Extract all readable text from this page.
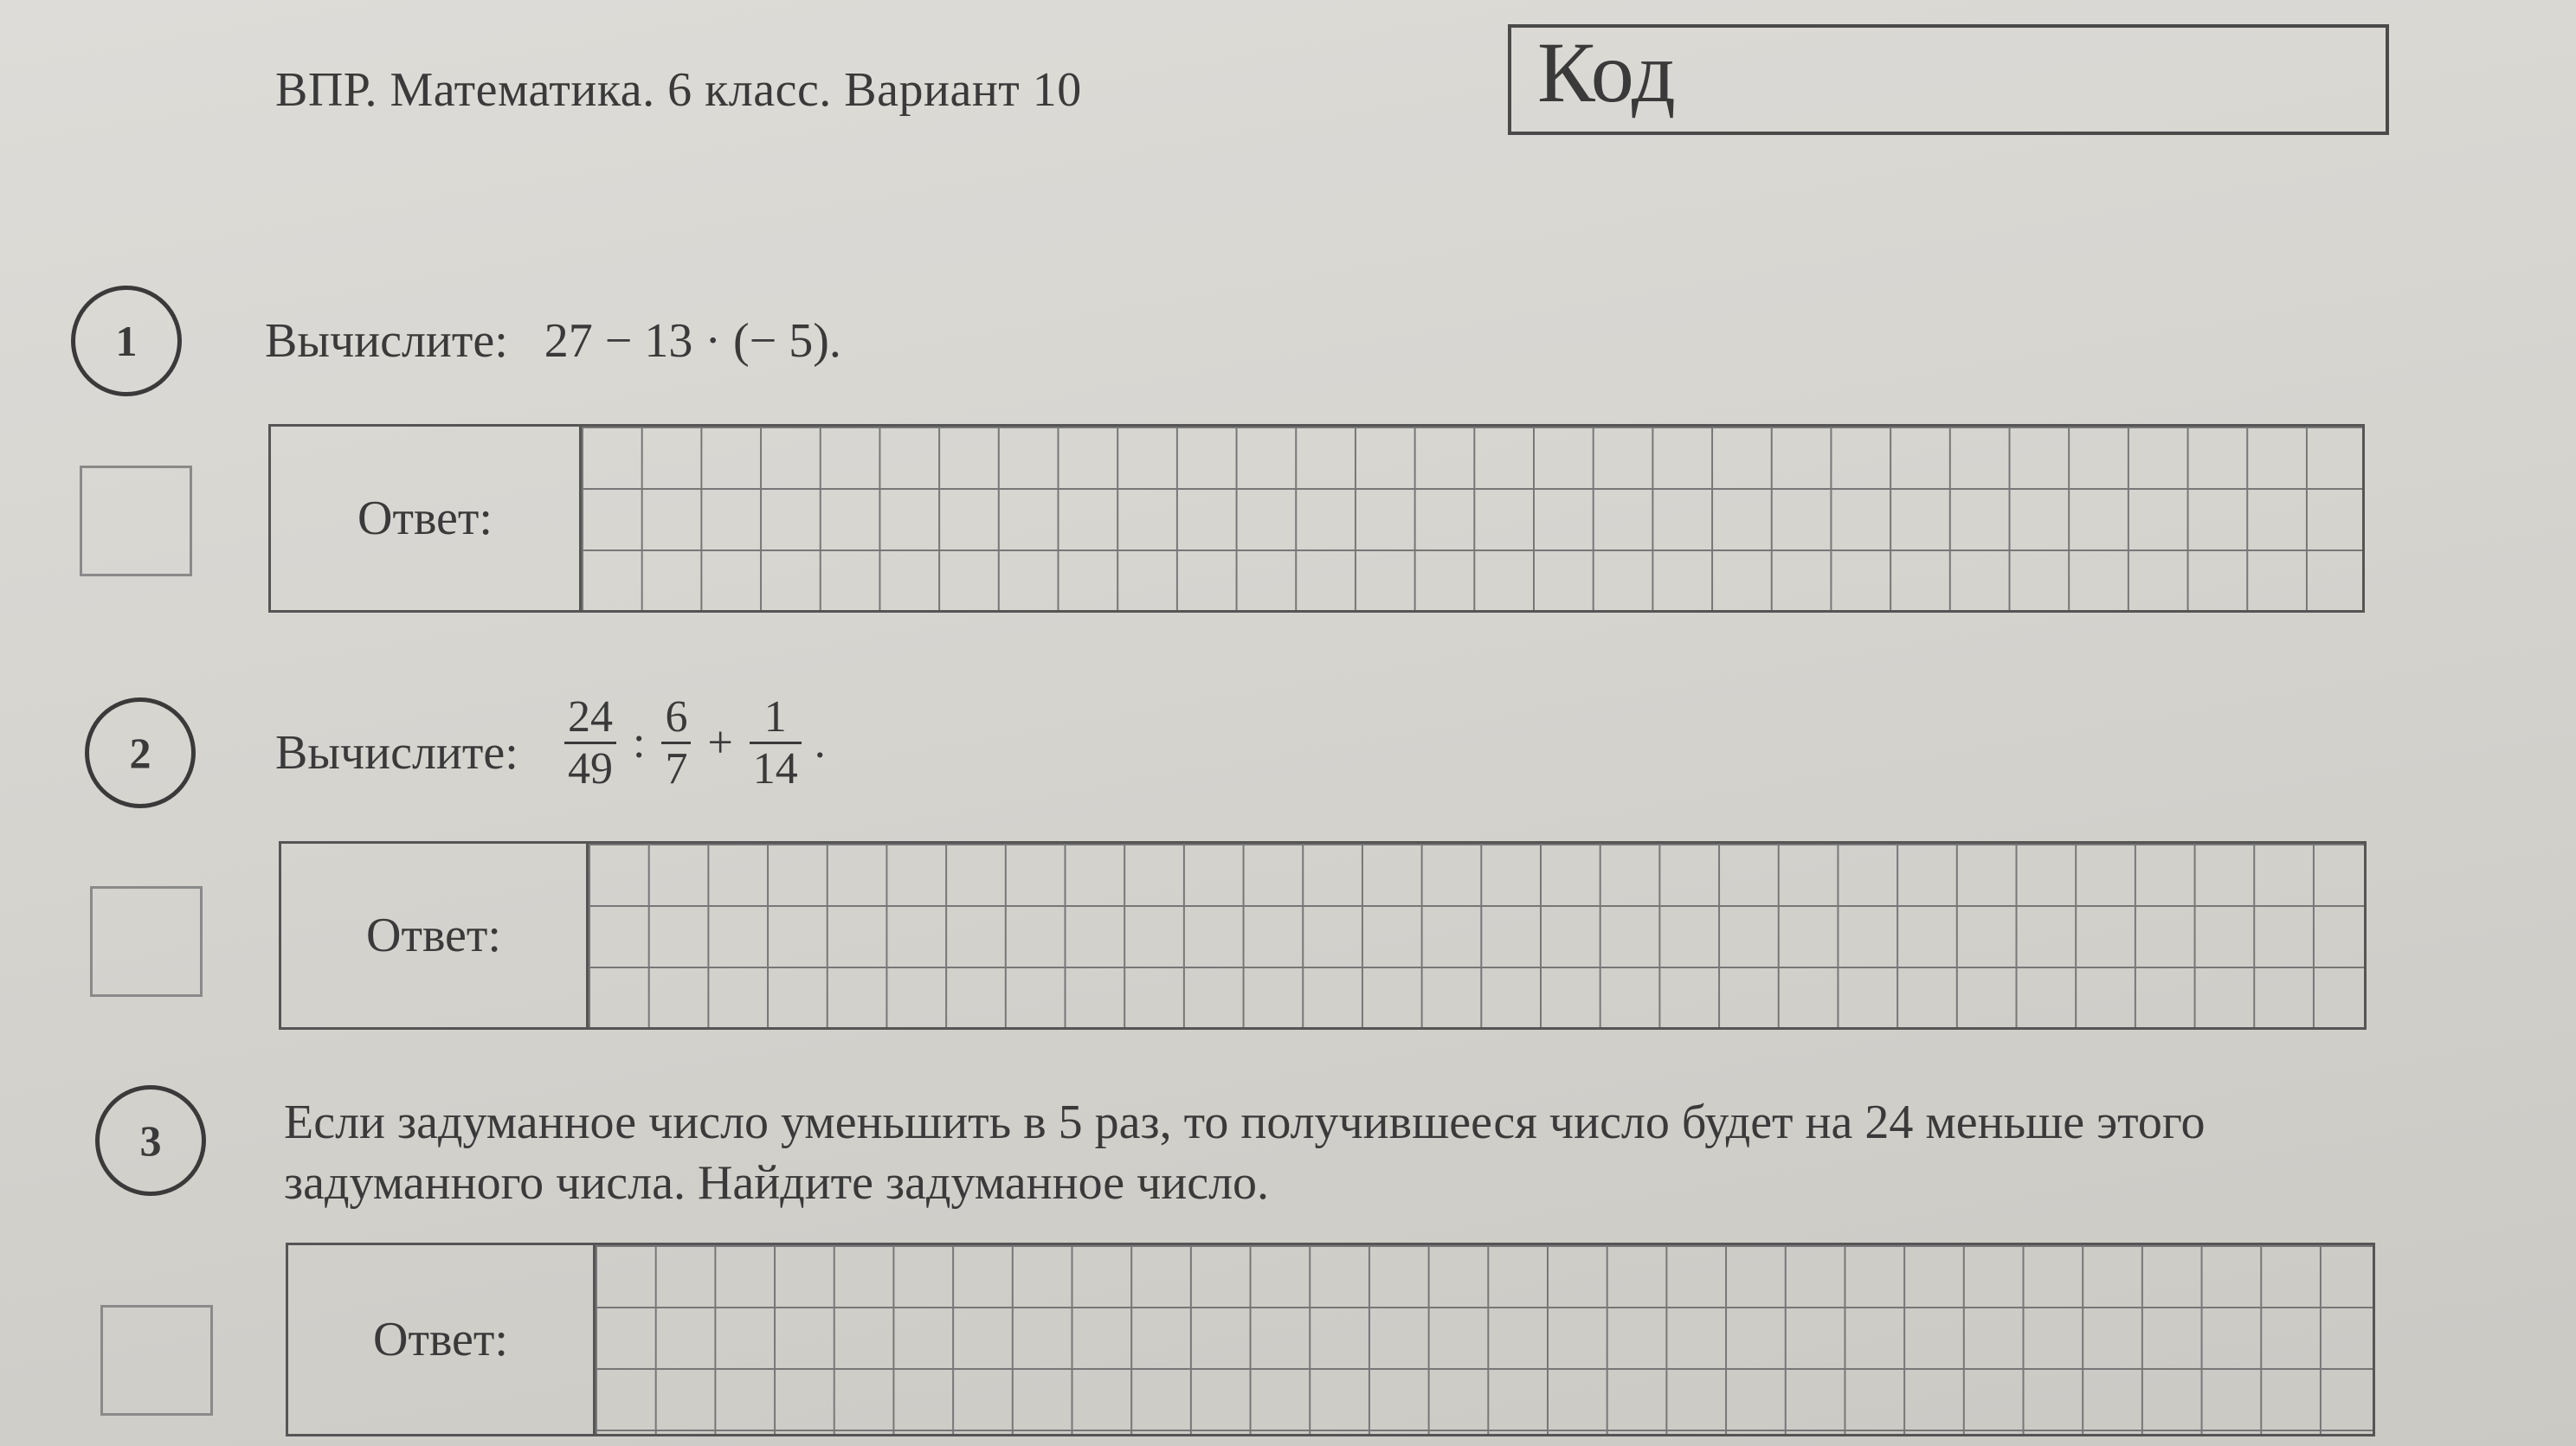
ВПР. Математика. 6 класс. Вариант 10	Код
1	Вычислите: 27 − 13 · (− 5).
Ответ:
2	Вычислите: $\frac{24}{49}$ : $\frac{6}{7} + \frac{1}{14}$ .
Ответ:
3	Если задуманное число уменьшить в 5 раз, то получившееся число будет на 24 меньше этого задуманного числа. Найдите задуманное число.
Ответ:
